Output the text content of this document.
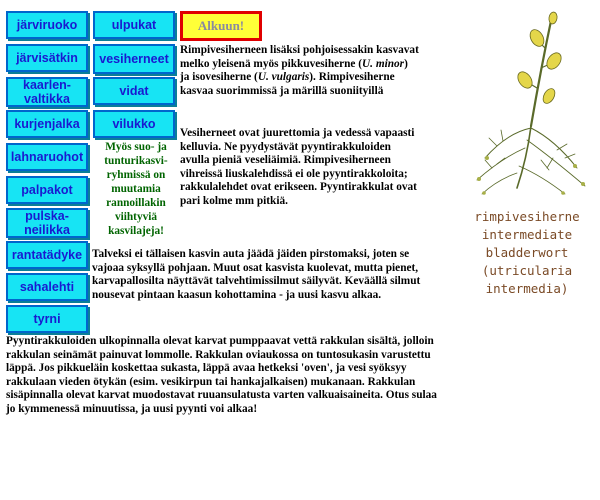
järviruoko
järvisätkin
kaarlen-
valtikka
kurjenjalka
lahnaruohot
palpakot
pulska-
neilikka
rantatädyke
sahalehti
tyrni
ulpukat
vesiherneet
vidat
vilukko
Alkuun!

Myös suo- ja tunturikasvi-ryhmissä on muutamia rannoillakin viihtyviä kasvilajeja!

Rimpivesiherneen lisäksi pohjoisessakin kasvavat melko yleisenä myös pikkuvesiherne (U. minor) ja isovesiherne (U. vulgaris). Rimpivesiherne kasvaa suorimmissä ja märillä suoniityillä

Vesiherneet ovat juurettomia ja vedessä vapaasti kelluvia. Ne pyydystävät pyyntirakkuloiden avulla pieniä veseliäimiä. Rimpivesiherneen vihreissä liuskalehdissä ei ole pyyntirakkoloita; rakkulalehdet ovat erikseen. Pyyntirakkulat ovat pari kolme mm pitkiä.

Talveksi ei tällaisen kasvin auta jäädä jäiden pirstomaksi, joten se vajoaa syksyllä pohjaan. Muut osat kasvista kuolevat, mutta pienet, karvapallosilta näyttävät talvehtimissilmut säilyvät. Keväällä silmut nousevat pintaan kaasun kohottamina - ja uusi kasvu alkaa.

Pyyntirakkuloiden ulkopinnalla olevat karvat pumppaavat vettä rakkulan sisältä, jolloin rakkulan seinämät painuvat lommolle. Rakkulan oviaukossa on tuntosukasin varustettu läppä. Jos pikkueläin koskettaa sukasta, läppä avaa hetkeksi 'oven', ja vesi syöksyy rakkulaan vieden ötykän (esim. vesikirpun tai hankajalkaisen) mukanaan. Rakkulan sisäpinnalla olevat karvat muodostavat ruuansulatusta varten valkuaisaineita. Otus sulaa jo kymmenessä minuutissa, ja uusi pyynti voi alkaa!

rimpivesiherne
intermediate
bladderwort
(utricularia
intermedia)
